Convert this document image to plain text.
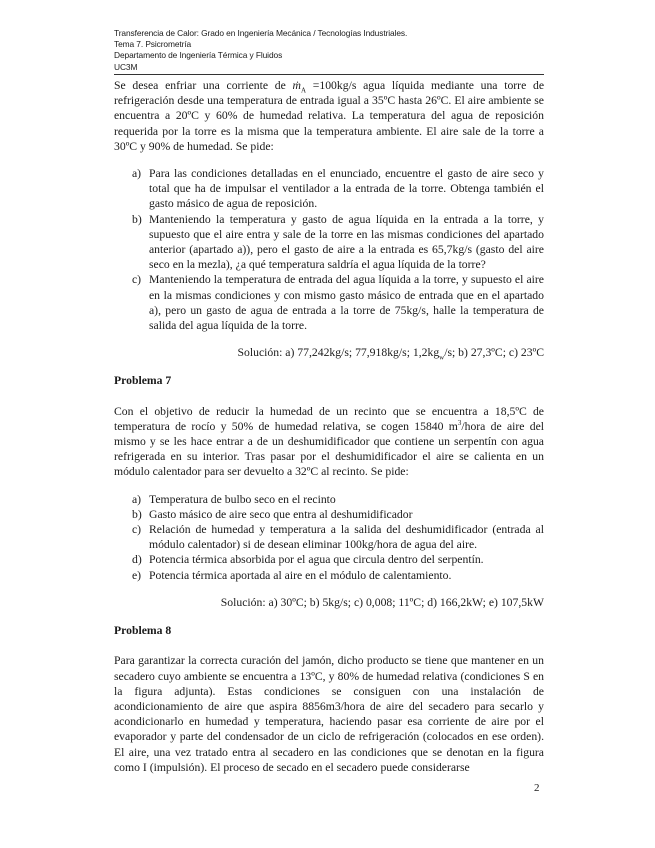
Transferencia de Calor: Grado en Ingeniería Mecánica / Tecnologías Industriales.
Tema 7. Psicrometría
Departamento de Ingeniería Térmica y Fluidos
UC3M

Se desea enfriar una corriente de ṁ$_A$ =100kg/s agua líquida mediante una torre de refrigeración desde una temperatura de entrada igual a 35ºC hasta 26ºC. El aire ambiente se encuentra a 20ºC y 60% de humedad relativa. La temperatura del agua de reposición requerida por la torre es la misma que la temperatura ambiente. El aire sale de la torre a 30ºC y 90% de humedad. Se pide:

a) Para las condiciones detalladas en el enunciado, encuentre el gasto de aire seco y total que ha de impulsar el ventilador a la entrada de la torre. Obtenga también el gasto másico de agua de reposición.
b) Manteniendo la temperatura y gasto de agua líquida en la entrada a la torre, y supuesto que el aire entra y sale de la torre en las mismas condiciones del apartado anterior (apartado a)), pero el gasto de aire a la entrada es 65,7kg/s (gasto del aire seco en la mezla), ¿a qué temperatura saldría el agua líquida de la torre?
c) Manteniendo la temperatura de entrada del agua líquida a la torre, y supuesto el aire en la mismas condiciones y con mismo gasto másico de entrada que en el apartado a), pero un gasto de agua de entrada a la torre de 75kg/s, halle la temperatura de salida del agua líquida de la torre.
Solución: a) 77,242kg/s; 77,918kg/s; $1,2kg_w/s$; b) 27,3ºC; c) 23ºC
Problema 7

Con el objetivo de reducir la humedad de un recinto que se encuentra a 18,5ºC de temperatura de rocío y 50% de humedad relativa, se cogen 15840 $m^3$/hora de aire del mismo y se les hace entrar a de un deshumidificador que contiene un serpentín con agua refrigerada en su interior. Tras pasar por el deshumidificador el aire se calienta en un módulo calentador para ser devuelto a 32ºC al recinto. Se pide:

a) Temperatura de bulbo seco en el recinto
b) Gasto másico de aire seco que entra al deshumidificador
c) Relación de humedad y temperatura a la salida del deshumidificador (entrada al módulo calentador) si de desean eliminar 100kg/hora de agua del aire.
d) Potencia térmica absorbida por el agua que circula dentro del serpentín.
e) Potencia térmica aportada al aire en el módulo de calentamiento.
Solución: a) 30ºC; b) 5kg/s; c) 0,008; 11ºC; d) 166,2kW; e) 107,5kW
Problema 8

Para garantizar la correcta curación del jamón, dicho producto se tiene que mantener en un secadero cuyo ambiente se encuentra a 13ºC, y 80% de humedad relativa (condiciones S en la figura adjunta). Estas condiciones se consiguen con una instalación de acondicionamiento de aire que aspira 8856m3/hora de aire del secadero para secarlo y acondicionarlo en humedad y temperatura, haciendo pasar esa corriente de aire por el evaporador y parte del condensador de un ciclo de refrigeración (colocados en ese orden). El aire, una vez tratado entra al secadero en las condiciones que se denotan en la figura como I (impulsión). El proceso de secado en el secadero puede considerarse

2
